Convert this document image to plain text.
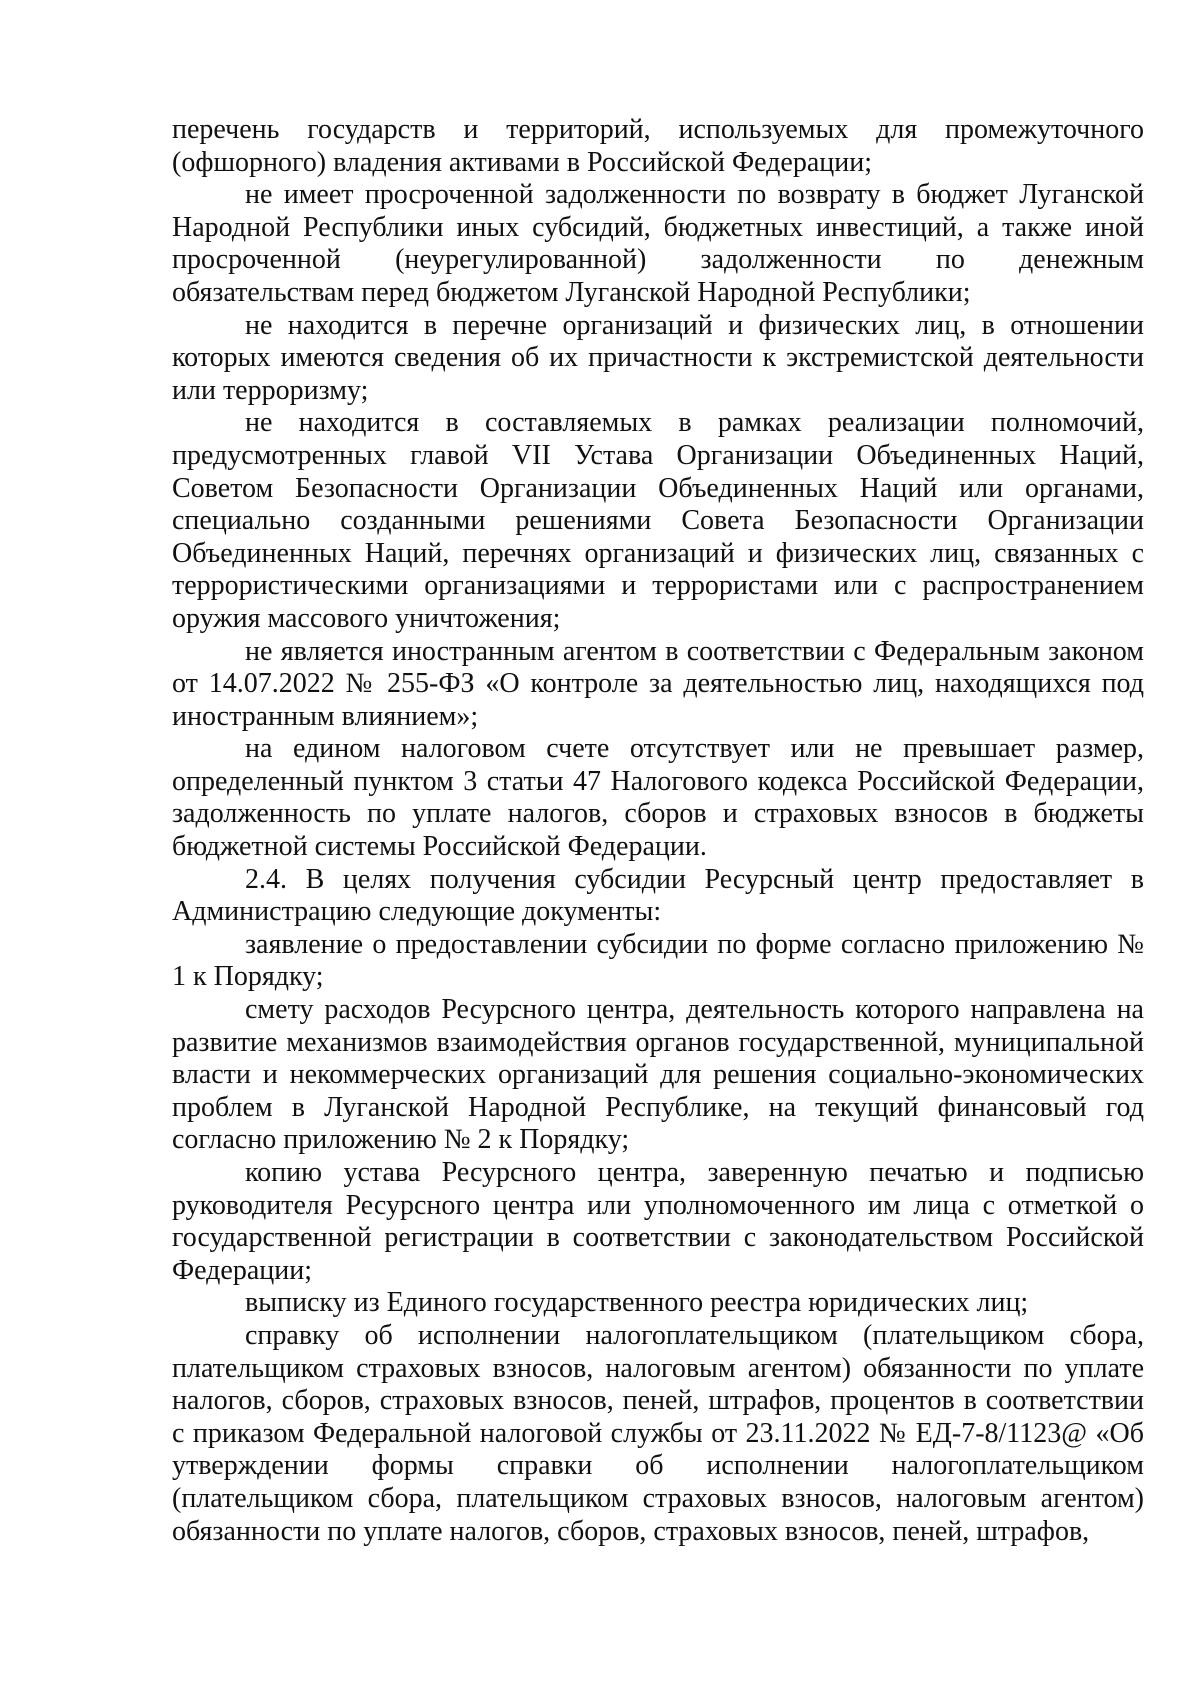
перечень государств и территорий, используемых для промежуточного (офшорного) владения активами в Российской Федерации;

не имеет просроченной задолженности по возврату в бюджет Луганской Народной Республики иных субсидий, бюджетных инвестиций, а также иной просроченной (неурегулированной) задолженности по денежным обязательствам перед бюджетом Луганской Народной Республики;

не находится в перечне организаций и физических лиц, в отношении которых имеются сведения об их причастности к экстремистской деятельности или терроризму;

не находится в составляемых в рамках реализации полномочий, предусмотренных главой VII Устава Организации Объединенных Наций, Советом Безопасности Организации Объединенных Наций или органами, специально созданными решениями Совета Безопасности Организации Объединенных Наций, перечнях организаций и физических лиц, связанных с террористическими организациями и террористами или с распространением оружия массового уничтожения;

не является иностранным агентом в соответствии с Федеральным законом от 14.07.2022 № 255-ФЗ «О контроле за деятельностью лиц, находящихся под иностранным влиянием»;

на едином налоговом счете отсутствует или не превышает размер, определенный пунктом 3 статьи 47 Налогового кодекса Российской Федерации, задолженность по уплате налогов, сборов и страховых взносов в бюджеты бюджетной системы Российской Федерации.

2.4. В целях получения субсидии Ресурсный центр предоставляет в Администрацию следующие документы:

заявление о предоставлении субсидии по форме согласно приложению № 1 к Порядку;

смету расходов Ресурсного центра, деятельность которого направлена на развитие механизмов взаимодействия органов государственной, муниципальной власти и некоммерческих организаций для решения социально-экономических проблем в Луганской Народной Республике, на текущий финансовый год согласно приложению № 2 к Порядку;

копию устава Ресурсного центра, заверенную печатью и подписью руководителя Ресурсного центра или уполномоченного им лица с отметкой о государственной регистрации в соответствии с законодательством Российской Федерации;

выписку из Единого государственного реестра юридических лиц;

справку об исполнении налогоплательщиком (плательщиком сбора, плательщиком страховых взносов, налоговым агентом) обязанности по уплате налогов, сборов, страховых взносов, пеней, штрафов, процентов в соответствии с приказом Федеральной налоговой службы от 23.11.2022 № ЕД-7-8/1123@ «Об утверждении формы справки об исполнении налогоплательщиком (плательщиком сбора, плательщиком страховых взносов, налоговым агентом) обязанности по уплате налогов, сборов, страховых взносов, пеней, штрафов,
